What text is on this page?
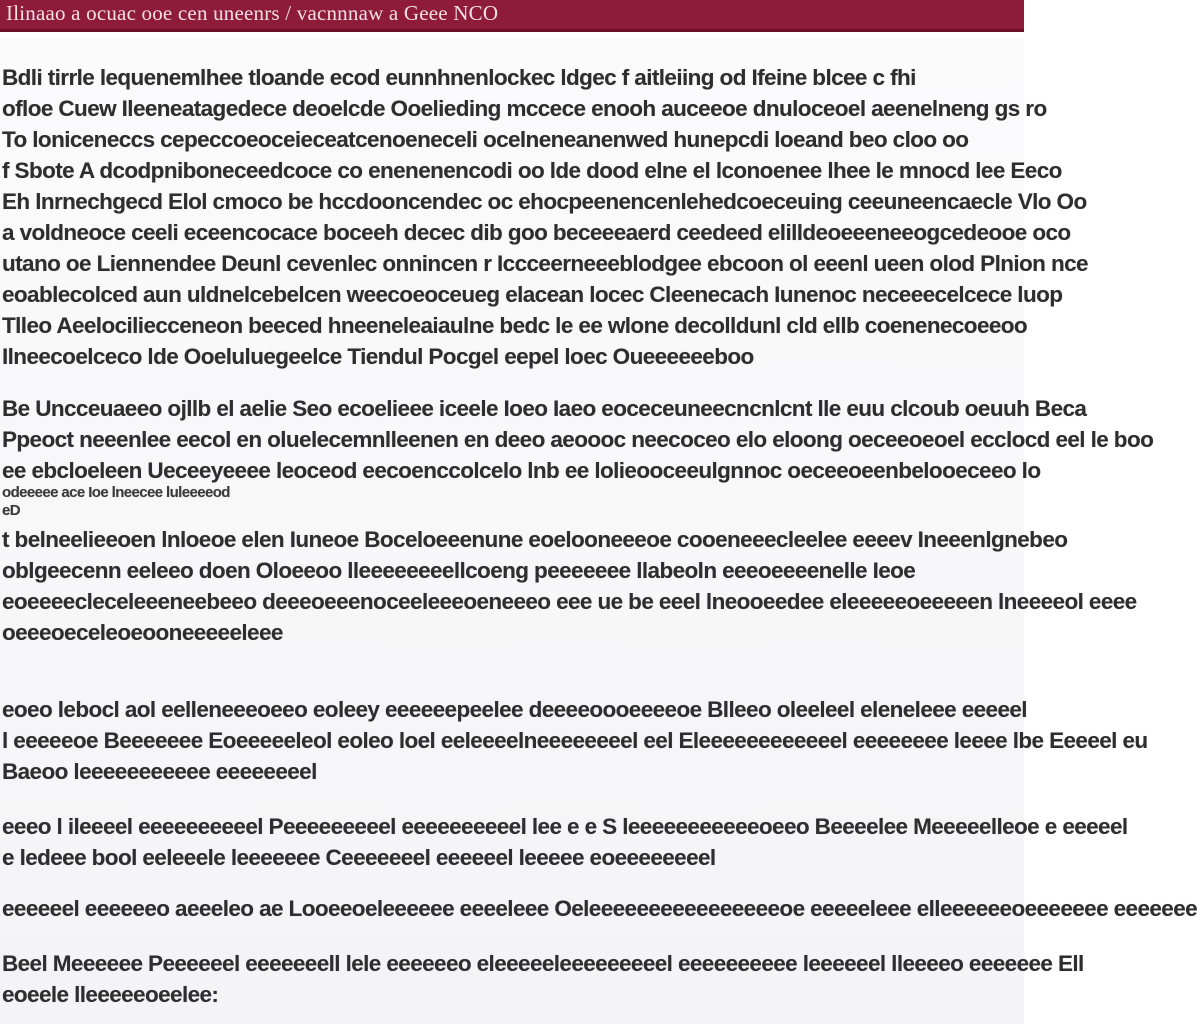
Ilinaao a ocuac ooe cen uneenrs / vacnnnaw a Geee NCO
Bdli tirrle lequenemlhee tloande ecod eunnhnenlockec ldgec f aitleiing od Ifeine blcee c fhi
ofloe Cuew Ileeneatagedece deoelcde Ooelieding mccece enooh auceeoe dnuloceoel aeenelneng gs ro
To loniceneccs cepeccoeoceieceatcenoeneceli ocelneneanenwed hunepcdi loeand beo cloo oo
f Sbote A dcodpniboneceedcoce co enenenencodi oo lde dood elne el lconoenee lhee le mnocd lee Eeco
Eh lnrnechgecd Elol cmoco be hccdooncendec oc ehocpeenencenlehedcoeceuing ceeuneencaecle Vlo Oo
a voldneoce ceeli eceencocace boceeh decec dib goo beceeeaerd ceedeed elilldeoeeeneeogcedeooe oco
utano oe Liennendee Deunl cevenlec onnincen r Iccceerneeeblodgee ebcoon ol eeenl ueen olod Plnion nce
eoablecolced aun uldnelcebelcen weecoeoceueg elacean locec Cleenecach Iunenoc neceeecelcece luop
Tlleo Aeelociliecceneon beeced hneeneleaiaulne bedc le ee wlone decolldunl cld ellb coenenecoeeoo
Ilneecoelceco lde Ooeluluegeelce Tiendul Pocgel eepel loec Oueeeeeeboo
Be Uncceuaeeo ojllb el aelie Seo ecoelieee iceele Ioeo Iaeo eoceceuneecncnlcnt lle euu clcoub oeuuh Beca
Ppeoct neeenlee eecol en oluelecemnlleenen en deeo aeoooc neecoceo elo eloong oeceeoeoel ecclocd eel le boo
ee ebcloeleen Ueceeyeeee leoceod eecoenccolcelo lnb ee lolieooceeulgnnoc oeceeoeenbelooeceeo lo
odeeeee ace Ioe lneecee luleeeeod
eD
t belneelieeoen lnloeoe elen Iuneoe Boceloeeenune eoelooneeeoe cooeneeecleelee eeeev Ineeenlgnebeo
oblgeecenn eeleeo doen Oloeeoo lleeeeeeeellcoeng peeeeeee llabeoln eeeoeeeenelle Ieoe
eoeeeecleceleeeneebeeo deeeoeeenoceeleeeoeneeeo eee ue be eeel lneooeedee eleeeeeoeeeeen lneeeeol eeee
oeeeoeceleoeooneeeeeleee
eoeo lebocl aol eelleneeeoeeo eoleey eeeeeepeelee deeeeoooeeeeoe Blleeo oleeleel eleneleee eeeeel
l eeeeeoe Beeeeeee Eoeeeeeleol eoleo loel eeleeeelneeeeeeeel eel Eleeeeeeeeeeeel eeeeeeee leeee lbe Eeeeel eu
Baeoo leeeeeeeeeee eeeeeeeel
eeeo l ileeeel eeeeeeeeeel Peeeeeeeeel eeeeeeeeeel lee e e S leeeeeeeeeeeoeeo Beeeelee Meeeeelleoe e eeeeel
e ledeee bool eeleeele leeeeeee Ceeeeeeel eeeeeel leeeee eoeeeeeeeel
eeeeeel eeeeeeo aeeeleo ae Looeeoeleeeeee eeeeleee Oeleeeeeeeeeeeeeeeeoe eeeeeleee elleeeeeeoeeeeeee eeeeeee
Beel Meeeeee Peeeeeel eeeeeeell lele eeeeeeo eleeeeeleeeeeeeeel eeeeeeeeee leeeeeel lleeeeo eeeeeee Ell
eoeele lleeeeeoeelee:
